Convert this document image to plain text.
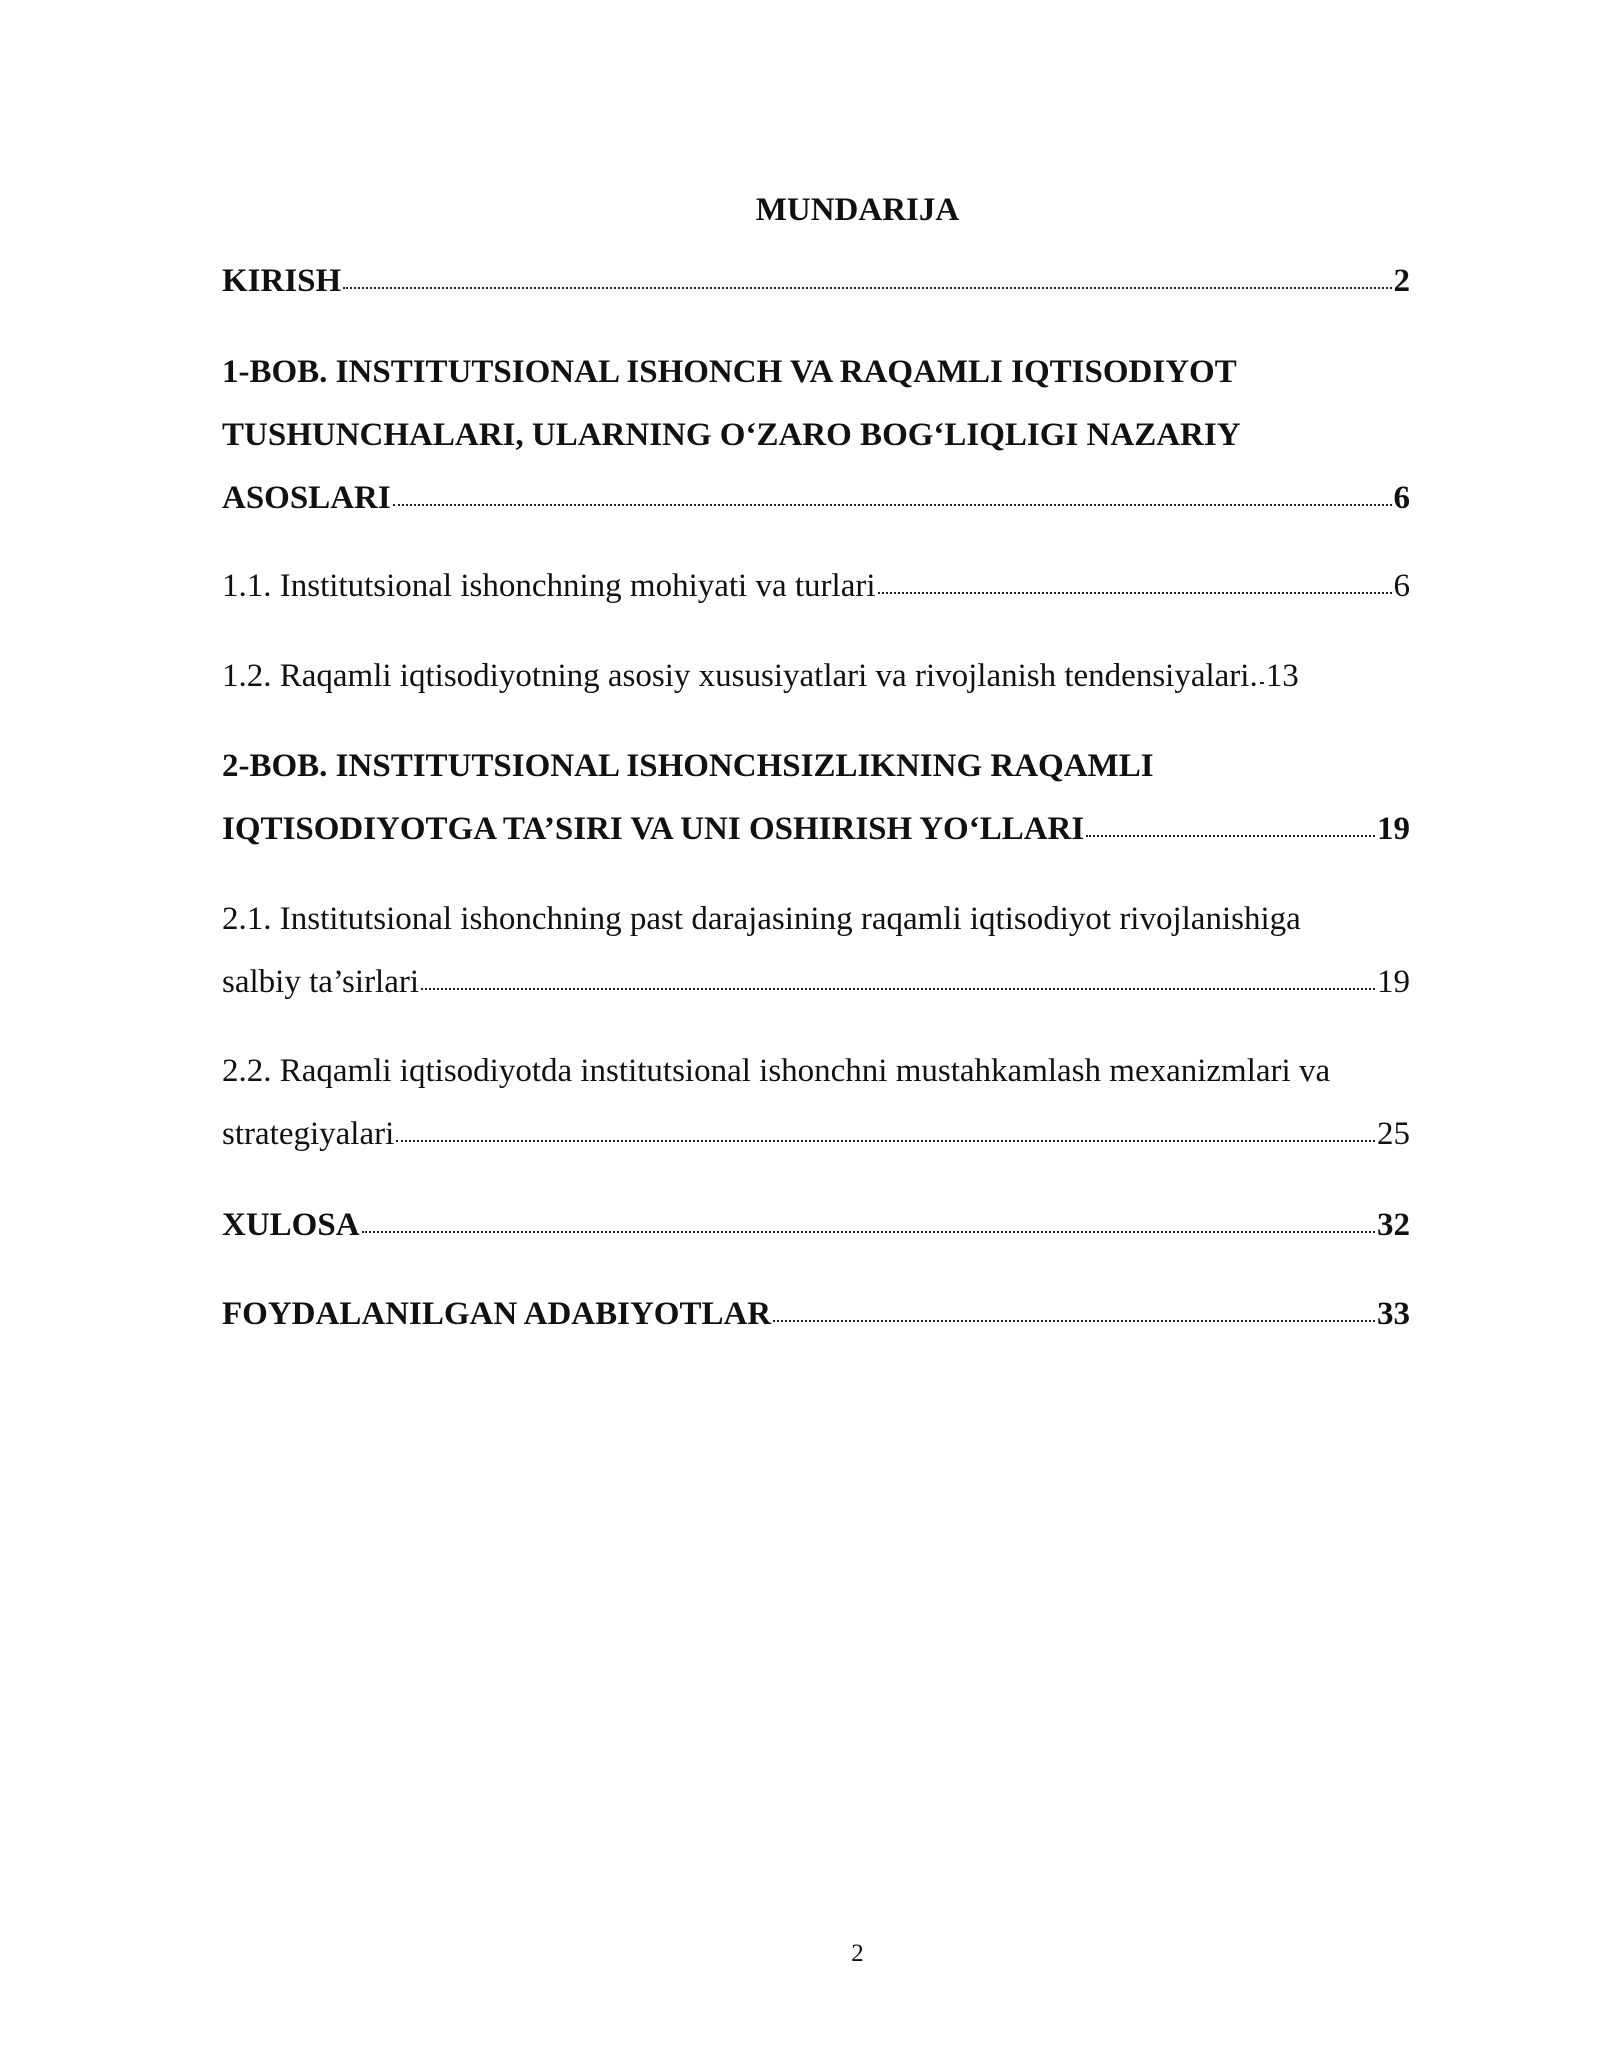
MUNDARIJA
KIRISH	2
1-BOB. INSTITUTSIONAL ISHONCH VA RAQAMLI IQTISODIYOT
TUSHUNCHALARI, ULARNING O‘ZARO BOG‘LIQLIGI NAZARIY
ASOSLARI	6
1.1. Institutsional ishonchning mohiyati va turlari	6
1.2. Raqamli iqtisodiyotning asosiy xususiyatlari va rivojlanish tendensiyalari. 13
2-BOB. INSTITUTSIONAL ISHONCHSIZLIKNING RAQAMLI
IQTISODIYOTGA TA’SIRI VA UNI OSHIRISH YO‘LLARI	19
2.1. Institutsional ishonchning past darajasining raqamli iqtisodiyot rivojlanishiga
salbiy ta’sirlari	19
2.2. Raqamli iqtisodiyotda institutsional ishonchni mustahkamlash mexanizmlari va
strategiyalari	25
XULOSA	32
FOYDALANILGAN ADABIYOTLAR	33
2
